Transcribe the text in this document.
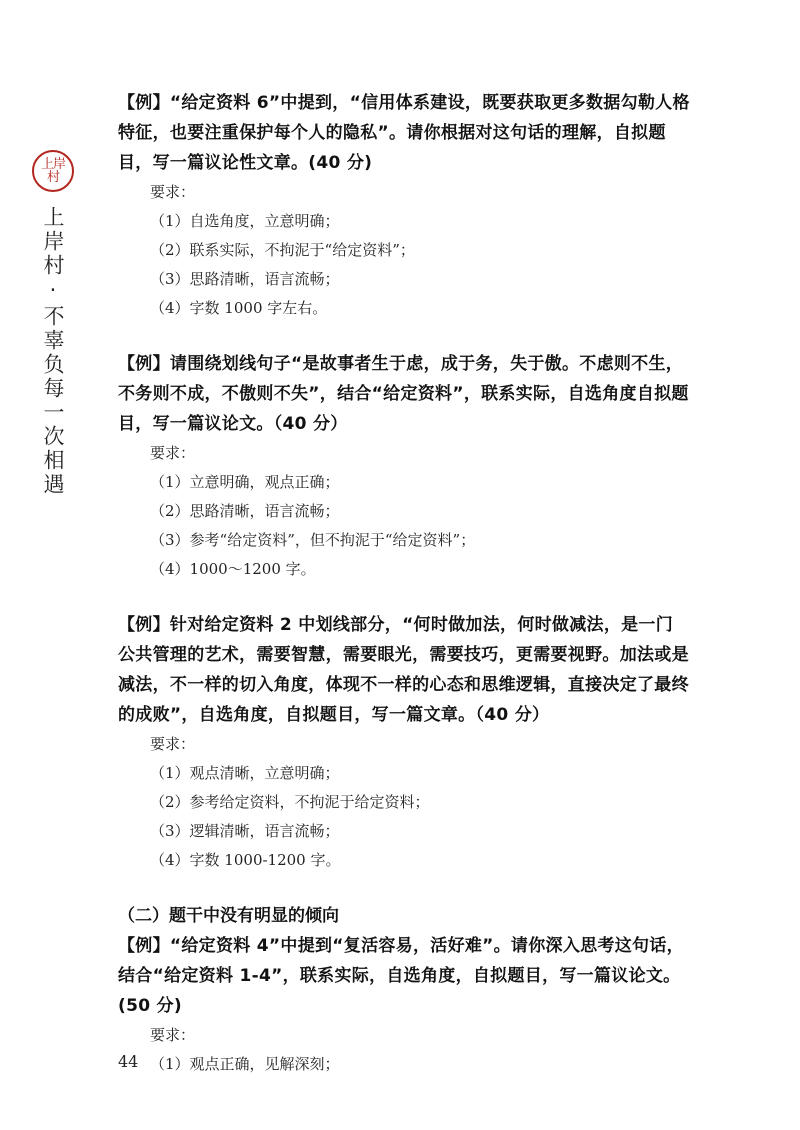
上岸村
上岸村·不辜负每一次相遇

【例】“给定资料 6”中提到，“信用体系建设，既要获取更多数据勾勒人格特征，也要注重保护每个人的隐私”。请你根据对这句话的理解，自拟题目，写一篇议论性文章。(40 分)

要求：
（1）自选角度，立意明确；
（2）联系实际，不拘泥于“给定资料”；
（3）思路清晰，语言流畅；
（4）字数 1000 字左右。

【例】请围绕划线句子“是故事者生于虑，成于务，失于傲。不虑则不生，不务则不成，不傲则不失”，结合“给定资料”，联系实际，自选角度自拟题目，写一篇议论文。（40 分）

要求：
（1）立意明确，观点正确；
（2）思路清晰，语言流畅；
（3）参考“给定资料”，但不拘泥于“给定资料”；
（4）1000～1200 字。

【例】针对给定资料 2 中划线部分，“何时做加法，何时做减法，是一门公共管理的艺术，需要智慧，需要眼光，需要技巧，更需要视野。加法或是减法，不一样的切入角度，体现不一样的心态和思维逻辑，直接决定了最终的成败”，自选角度，自拟题目，写一篇文章。（40 分）

要求：
（1）观点清晰，立意明确；
（2）参考给定资料，不拘泥于给定资料；
（3）逻辑清晰，语言流畅；
（4）字数 1000-1200 字。

（二）题干中没有明显的倾向

【例】“给定资料 4”中提到“复活容易，活好难”。请你深入思考这句话，结合“给定资料 1-4”，联系实际，自选角度，自拟题目，写一篇议论文。(50 分)

要求：
（1）观点正确，见解深刻；
44
